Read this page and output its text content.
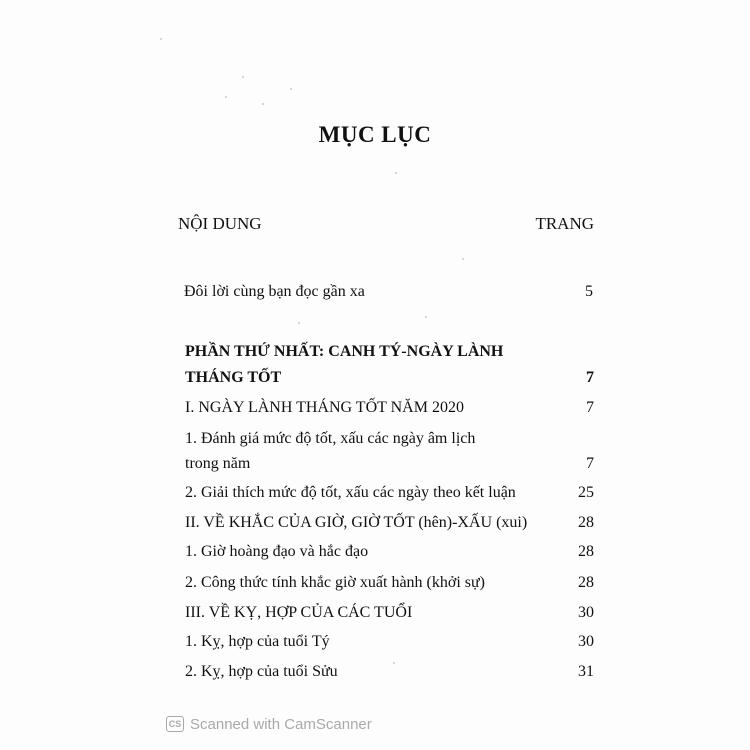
MỤC LỤC
NỘI DUNG	TRANG
Đôi lời cùng bạn đọc gần xa	5
PHẦN THỨ NHẤT: CANH TÝ-NGÀY LÀNH THÁNG TỐT	7
I. NGÀY LÀNH THÁNG TỐT NĂM 2020	7
1. Đánh giá mức độ tốt, xấu các ngày âm lịch trong năm	7
2. Giải thích mức độ tốt, xấu các ngày theo kết luận	25
II. VỀ KHẮC CỦA GIỜ, GIỜ TỐT (hên)-XẤU (xui)	28
1. Giờ hoàng đạo và hắc đạo	28
2. Công thức tính khắc giờ xuất hành (khởi sự)	28
III. VỀ KỴ, HỢP CỦA CÁC TUỔI	30
1. Kỵ, hợp của tuổi Tý	30
2. Kỵ, hợp của tuổi Sửu	31
CS Scanned with CamScanner
